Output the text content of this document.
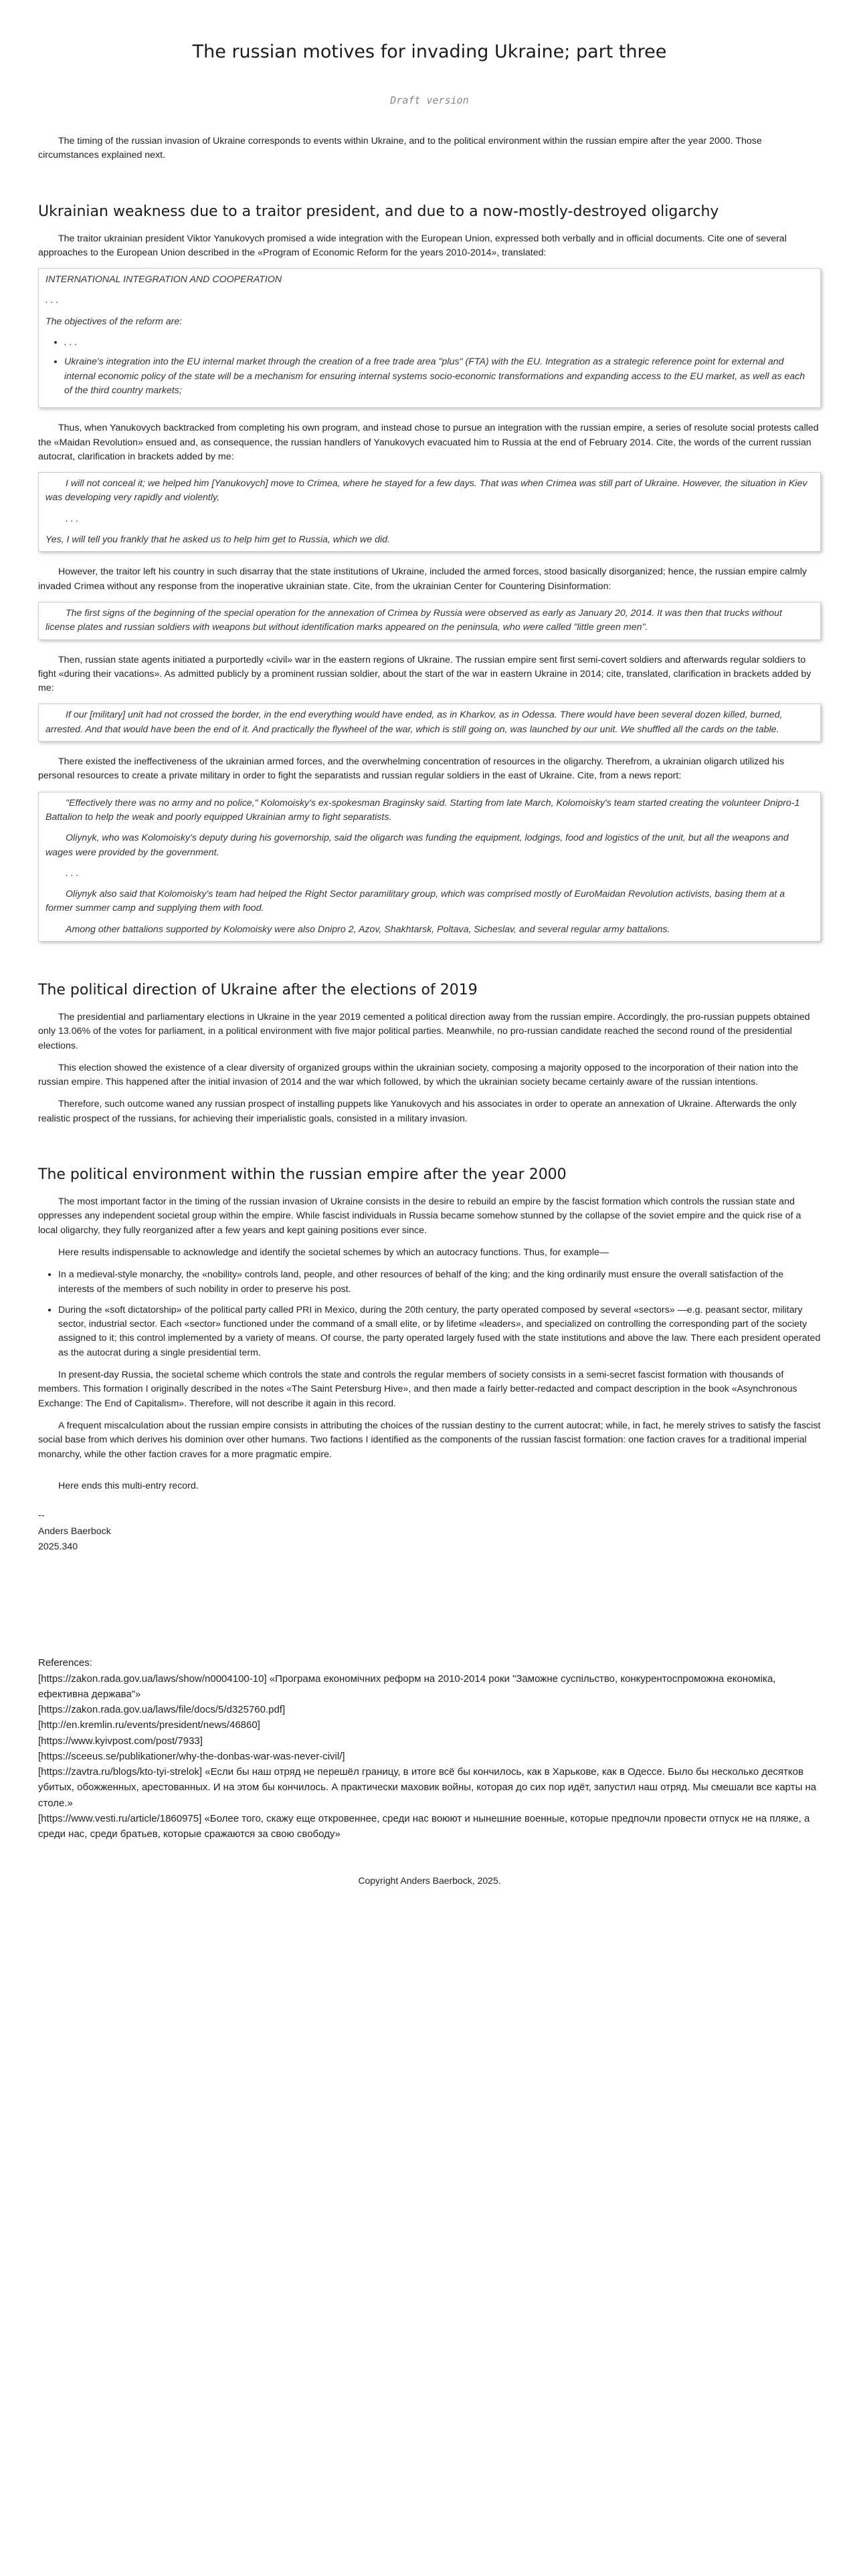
The russian motives for invading Ukraine; part three
Draft version

The timing of the russian invasion of Ukraine corresponds to events within Ukraine, and to the political environment within the russian empire after the year 2000. Those circumstances explained next.

Ukrainian weakness due to a traitor president, and due to a now-mostly-destroyed oligarchy

The traitor ukrainian president Viktor Yanukovych promised a wide integration with the European Union, expressed both verbally and in official documents. Cite one of several approaches to the European Union described in the «Program of Economic Reform for the years 2010-2014», translated:

INTERNATIONAL INTEGRATION AND COOPERATION

. . .

The objectives of the reform are:

• . . .
• Ukraine's integration into the EU internal market through the creation of a free trade area "plus" (FTA) with the EU. Integration as a strategic reference point for external and internal economic policy of the state will be a mechanism for ensuring internal systems socio-economic transformations and expanding access to the EU market, as well as each of the third country markets;

Thus, when Yanukovych backtracked from completing his own program, and instead chose to pursue an integration with the russian empire, a series of resolute social protests called the «Maidan Revolution» ensued and, as consequence, the russian handlers of Yanukovych evacuated him to Russia at the end of February 2014. Cite, the words of the current russian autocrat, clarification in brackets added by me:

I will not conceal it; we helped him [Yanukovych] move to Crimea, where he stayed for a few days. That was when Crimea was still part of Ukraine. However, the situation in Kiev was developing very rapidly and violently,

. . .

Yes, I will tell you frankly that he asked us to help him get to Russia, which we did.

However, the traitor left his country in such disarray that the state institutions of Ukraine, included the armed forces, stood basically disorganized; hence, the russian empire calmly invaded Crimea without any response from the inoperative ukrainian state. Cite, from the ukrainian Center for Countering Disinformation:

The first signs of the beginning of the special operation for the annexation of Crimea by Russia were observed as early as January 20, 2014. It was then that trucks without license plates and russian soldiers with weapons but without identification marks appeared on the peninsula, who were called "little green men".

Then, russian state agents initiated a purportedly «civil» war in the eastern regions of Ukraine. The russian empire sent first semi-covert soldiers and afterwards regular soldiers to fight «during their vacations». As admitted publicly by a prominent russian soldier, about the start of the war in eastern Ukraine in 2014; cite, translated, clarification in brackets added by me:

If our [military] unit had not crossed the border, in the end everything would have ended, as in Kharkov, as in Odessa. There would have been several dozen killed, burned, arrested. And that would have been the end of it. And practically the flywheel of the war, which is still going on, was launched by our unit. We shuffled all the cards on the table.

There existed the ineffectiveness of the ukrainian armed forces, and the overwhelming concentration of resources in the oligarchy. Therefrom, a ukrainian oligarch utilized his personal resources to create a private military in order to fight the separatists and russian regular soldiers in the east of Ukraine. Cite, from a news report:

"Effectively there was no army and no police," Kolomoisky's ex-spokesman Braginsky said. Starting from late March, Kolomoisky's team started creating the volunteer Dnipro-1 Battalion to help the weak and poorly equipped Ukrainian army to fight separatists.

Oliynyk, who was Kolomoisky's deputy during his governorship, said the oligarch was funding the equipment, lodgings, food and logistics of the unit, but all the weapons and wages were provided by the government.

. . .

Oliynyk also said that Kolomoisky's team had helped the Right Sector paramilitary group, which was comprised mostly of EuroMaidan Revolution activists, basing them at a former summer camp and supplying them with food.

Among other battalions supported by Kolomoisky were also Dnipro 2, Azov, Shakhtarsk, Poltava, Sicheslav, and several regular army battalions.

The political direction of Ukraine after the elections of 2019

The presidential and parliamentary elections in Ukraine in the year 2019 cemented a political direction away from the russian empire. Accordingly, the pro-russian puppets obtained only 13.06% of the votes for parliament, in a political environment with five major political parties. Meanwhile, no pro-russian candidate reached the second round of the presidential elections.

This election showed the existence of a clear diversity of organized groups within the ukrainian society, composing a majority opposed to the incorporation of their nation into the russian empire. This happened after the initial invasion of 2014 and the war which followed, by which the ukrainian society became certainly aware of the russian intentions.

Therefore, such outcome waned any russian prospect of installing puppets like Yanukovych and his associates in order to operate an annexation of Ukraine. Afterwards the only realistic prospect of the russians, for achieving their imperialistic goals, consisted in a military invasion.

The political environment within the russian empire after the year 2000

The most important factor in the timing of the russian invasion of Ukraine consists in the desire to rebuild an empire by the fascist formation which controls the russian state and oppresses any independent societal group within the empire. While fascist individuals in Russia became somehow stunned by the collapse of the soviet empire and the quick rise of a local oligarchy, they fully reorganized after a few years and kept gaining positions ever since.

Here results indispensable to acknowledge and identify the societal schemes by which an autocracy functions. Thus, for example—

• In a medieval-style monarchy, the «nobility» controls land, people, and other resources of behalf of the king; and the king ordinarily must ensure the overall satisfaction of the interests of the members of such nobility in order to preserve his post.
• During the «soft dictatorship» of the political party called PRI in Mexico, during the 20th century, the party operated composed by several «sectors» —e.g. peasant sector, military sector, industrial sector. Each «sector» functioned under the command of a small elite, or by lifetime «leaders», and specialized on controlling the corresponding part of the society assigned to it; this control implemented by a variety of means. Of course, the party operated largely fused with the state institutions and above the law. There each president operated as the autocrat during a single presidential term.

In present-day Russia, the societal scheme which controls the state and controls the regular members of society consists in a semi-secret fascist formation with thousands of members. This formation I originally described in the notes «The Saint Petersburg Hive», and then made a fairly better-redacted and compact description in the book «Asynchronous Exchange: The End of Capitalism». Therefore, will not describe it again in this record.

A frequent miscalculation about the russian empire consists in attributing the choices of the russian destiny to the current autocrat; while, in fact, he merely strives to satisfy the fascist social base from which derives his dominion over other humans. Two factions I identified as the components of the russian fascist formation: one faction craves for a traditional imperial monarchy, while the other faction craves for a more pragmatic empire.

Here ends this multi-entry record.

--
Anders Baerbock
2025.340
References:
[https://zakon.rada.gov.ua/laws/show/n0004100-10] «Програма економічних реформ на 2010-2014 роки "Заможне суспільство, конкурентоспроможна економіка, ефективна держава"»
[https://zakon.rada.gov.ua/laws/file/docs/5/d325760.pdf]
[http://en.kremlin.ru/events/president/news/46860]
[https://www.kyivpost.com/post/7933]
[https://sceeus.se/publikationer/why-the-donbas-war-was-never-civil/]
[https://zavtra.ru/blogs/kto-tyi-strelok] «Если бы наш отряд не перешёл границу, в итоге всё бы кончилось, как в Харькове, как в Одессе. Было бы несколько десятков убитых, обожженных, арестованных. И на этом бы кончилось. А практически маховик войны, которая до сих пор идёт, запустил наш отряд. Мы смешали все карты на столе.»
[https://www.vesti.ru/article/1860975] «Более того, скажу еще откровеннее, среди нас воюют и нынешние военные, которые предпочли провести отпуск не на пляже, а среди нас, среди братьев, которые сражаются за свою свободу»
Copyright Anders Baerbock, 2025.
